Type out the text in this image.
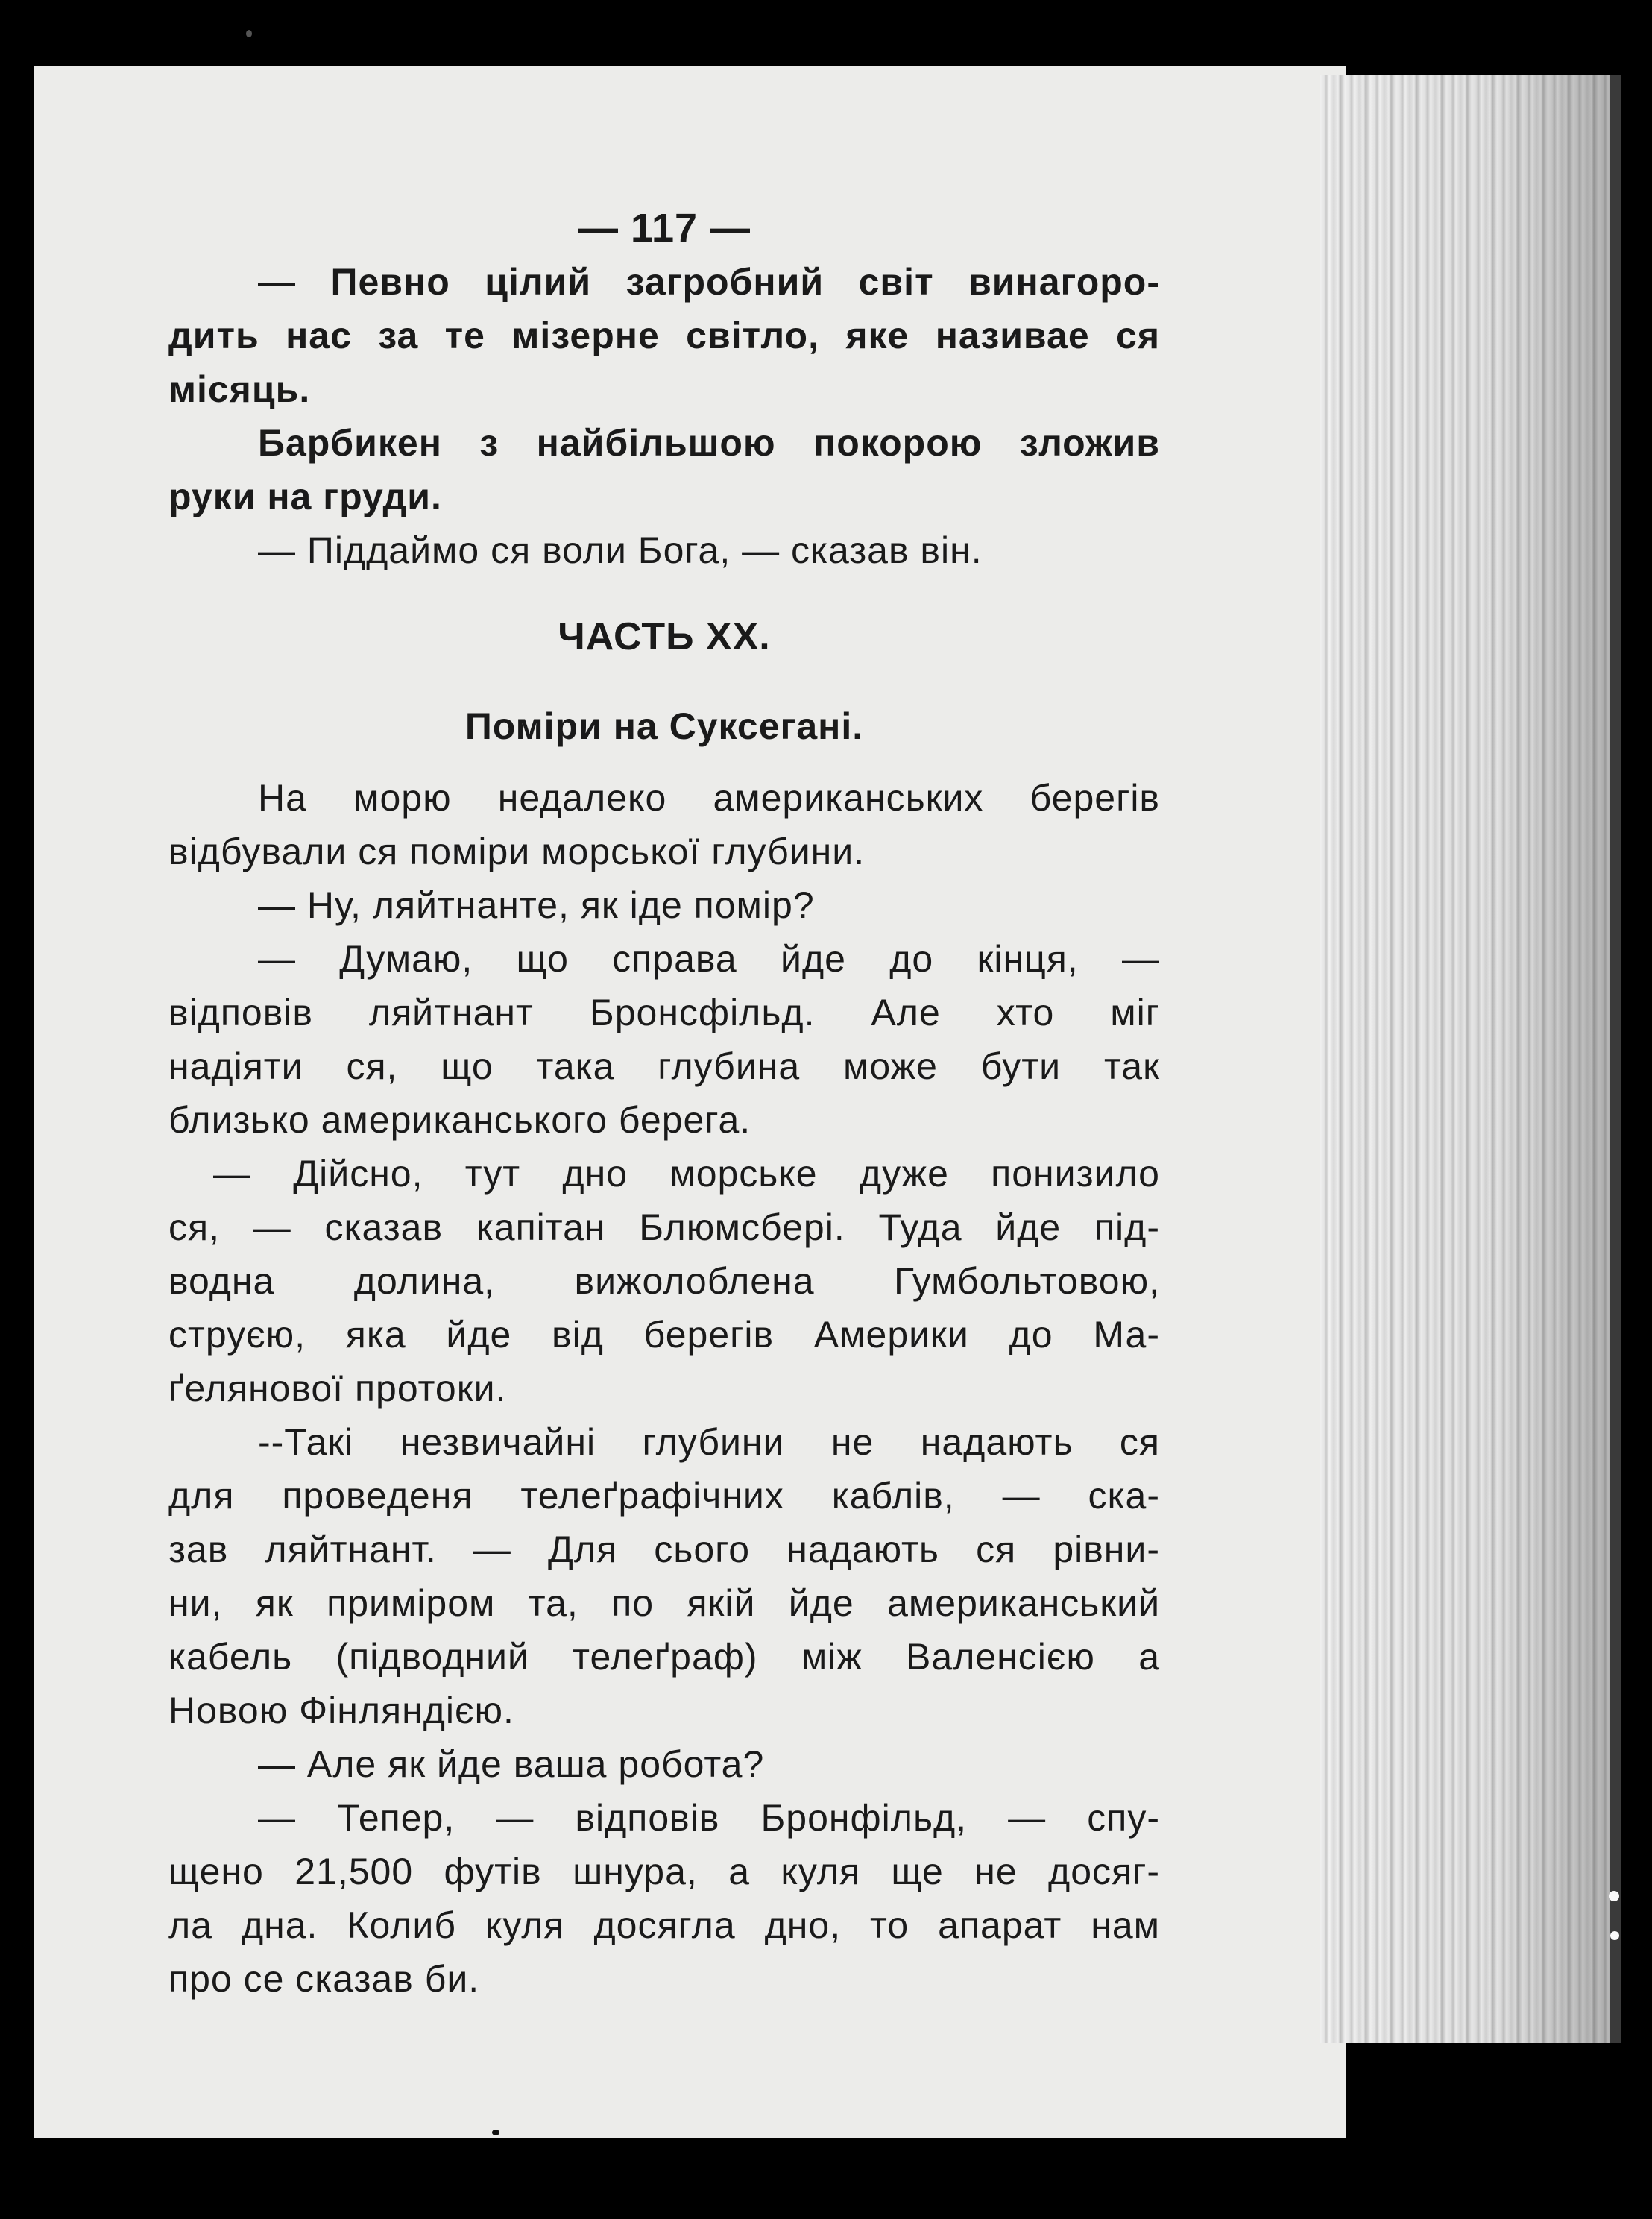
— 117 —
— Певно цілий загробний світ винагоро-
дить нас за те мізерне світло, яке називае ся
місяць.
Барбикен з найбільшою покорою зложив
руки на груди.
— Піддаймо ся воли Бога, — сказав він.
ЧАСТЬ XX.
Поміри на Суксегані.
На морю недалеко американських берегів
відбували ся поміри морської глубини.
— Ну, ляйтнанте, як іде помір?
— Думаю, що справа йде до кінця, —
відповів ляйтнант Бронсфільд. Але хто міг
надіяти ся, що така глубина може бути так
близько американського берега.
— Дійсно, тут дно морське дуже понизило
ся, — сказав капітан Блюмсбері. Туда йде під-
водна долина, вижолоблена Гумбольтовою,
струєю, яка йде від берегів Америки до Ма-
ґелянової протоки.
--Такі незвичайні глубини не надають ся
для проведеня телеґрафічних каблів, — ска-
зав ляйтнант. — Для сього надають ся рівни-
ни, як приміром та, по якій йде американський
кабель (підводний телеґраф) між Валенсією а
Новою Фінляндією.
— Але як йде ваша робота?
— Тепер, — відповів Бронфільд, — спу-
щено 21,500 футів шнура, а куля ще не досяг-
ла дна. Колиб куля досягла дно, то апарат нам
про се сказав би.
